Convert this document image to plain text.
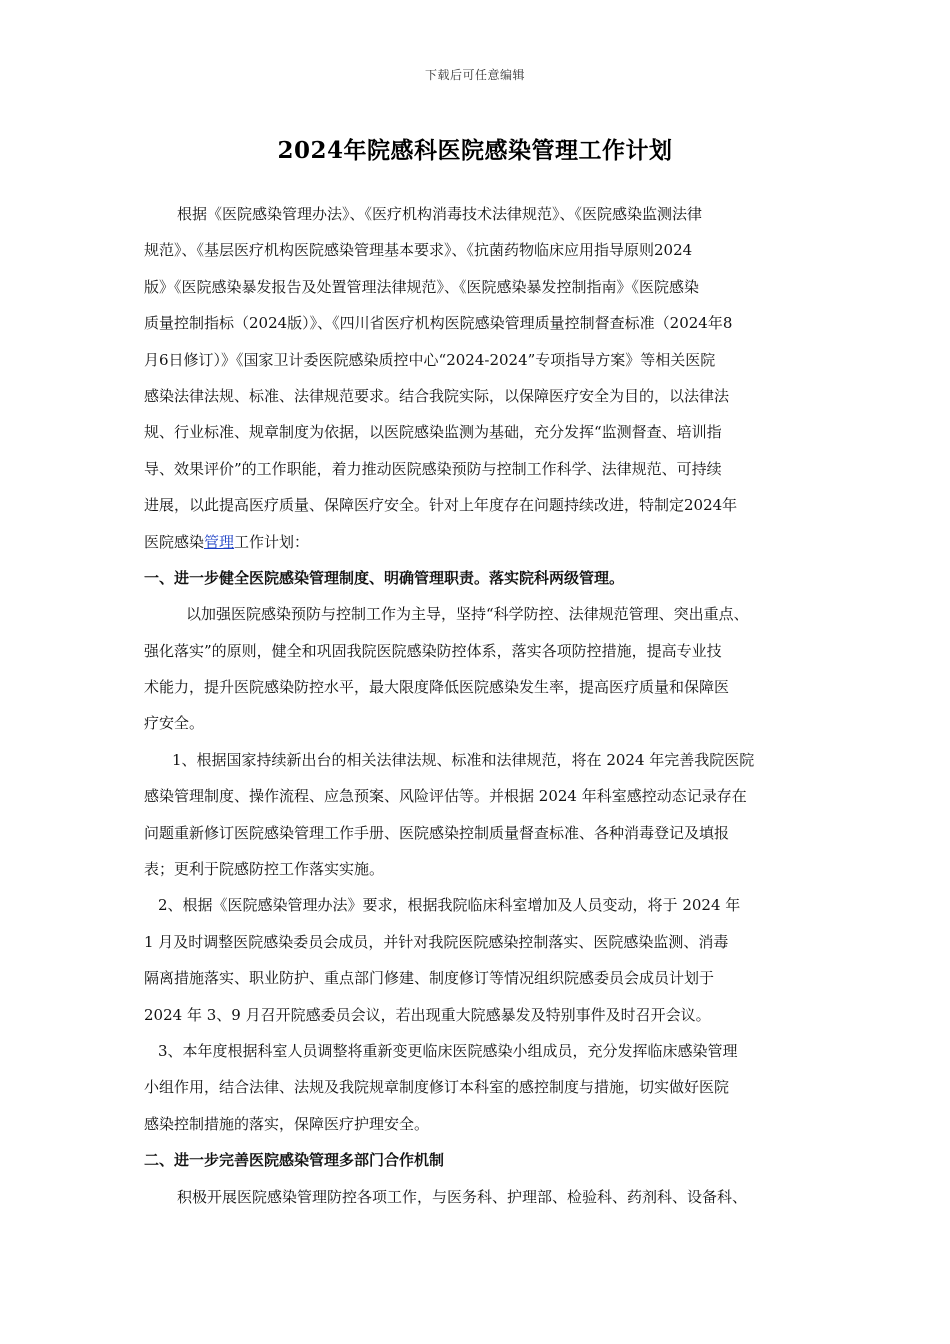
下载后可任意编辑
2024年院感科医院感染管理工作计划
根据《医院感染管理办法》、《医疗机构消毒技术法律规范》、《医院感染监测法律
规范》、《基层医疗机构医院感染管理基本要求》、《抗菌药物临床应用指导原则2024
版》《医院感染暴发报告及处置管理法律规范》、《医院感染暴发控制指南》《医院感染
质量控制指标（2024版）》、《四川省医疗机构医院感染管理质量控制督查标准（2024年8
月6日修订）》《国家卫计委医院感染质控中心“2024-2024”专项指导方案》等相关医院
感染法律法规、标准、法律规范要求。结合我院实际，以保障医疗安全为目的，以法律法
规、行业标准、规章制度为依据，以医院感染监测为基础，充分发挥“监测督查、培训指
导、效果评价”的工作职能，着力推动医院感染预防与控制工作科学、法律规范、可持续
进展，以此提高医疗质量、保障医疗安全。针对上年度存在问题持续改进，特制定2024年
医院感染管理工作计划：
一、进一步健全医院感染管理制度、明确管理职责。落实院科两级管理。
以加强医院感染预防与控制工作为主导，坚持“科学防控、法律规范管理、突出重点、
强化落实”的原则，健全和巩固我院医院感染防控体系，落实各项防控措施，提高专业技
术能力，提升医院感染防控水平，最大限度降低医院感染发生率，提高医疗质量和保障医
疗安全。
1、根据国家持续新出台的相关法律法规、标准和法律规范，将在 2024 年完善我院医院
感染管理制度、操作流程、应急预案、风险评估等。并根据 2024 年科室感控动态记录存在
问题重新修订医院感染管理工作手册、医院感染控制质量督查标准、各种消毒登记及填报
表；更利于院感防控工作落实实施。
2、根据《医院感染管理办法》要求，根据我院临床科室增加及人员变动，将于 2024 年
1 月及时调整医院感染委员会成员，并针对我院医院感染控制落实、医院感染监测、消毒
隔离措施落实、职业防护、重点部门修建、制度修订等情况组织院感委员会成员计划于
2024 年 3、9 月召开院感委员会议，若出现重大院感暴发及特别事件及时召开会议。
3、本年度根据科室人员调整将重新变更临床医院感染小组成员，充分发挥临床感染管理
小组作用，结合法律、法规及我院规章制度修订本科室的感控制度与措施，切实做好医院
感染控制措施的落实，保障医疗护理安全。
二、进一步完善医院感染管理多部门合作机制
积极开展医院感染管理防控各项工作，与医务科、护理部、检验科、药剂科、设备科、
